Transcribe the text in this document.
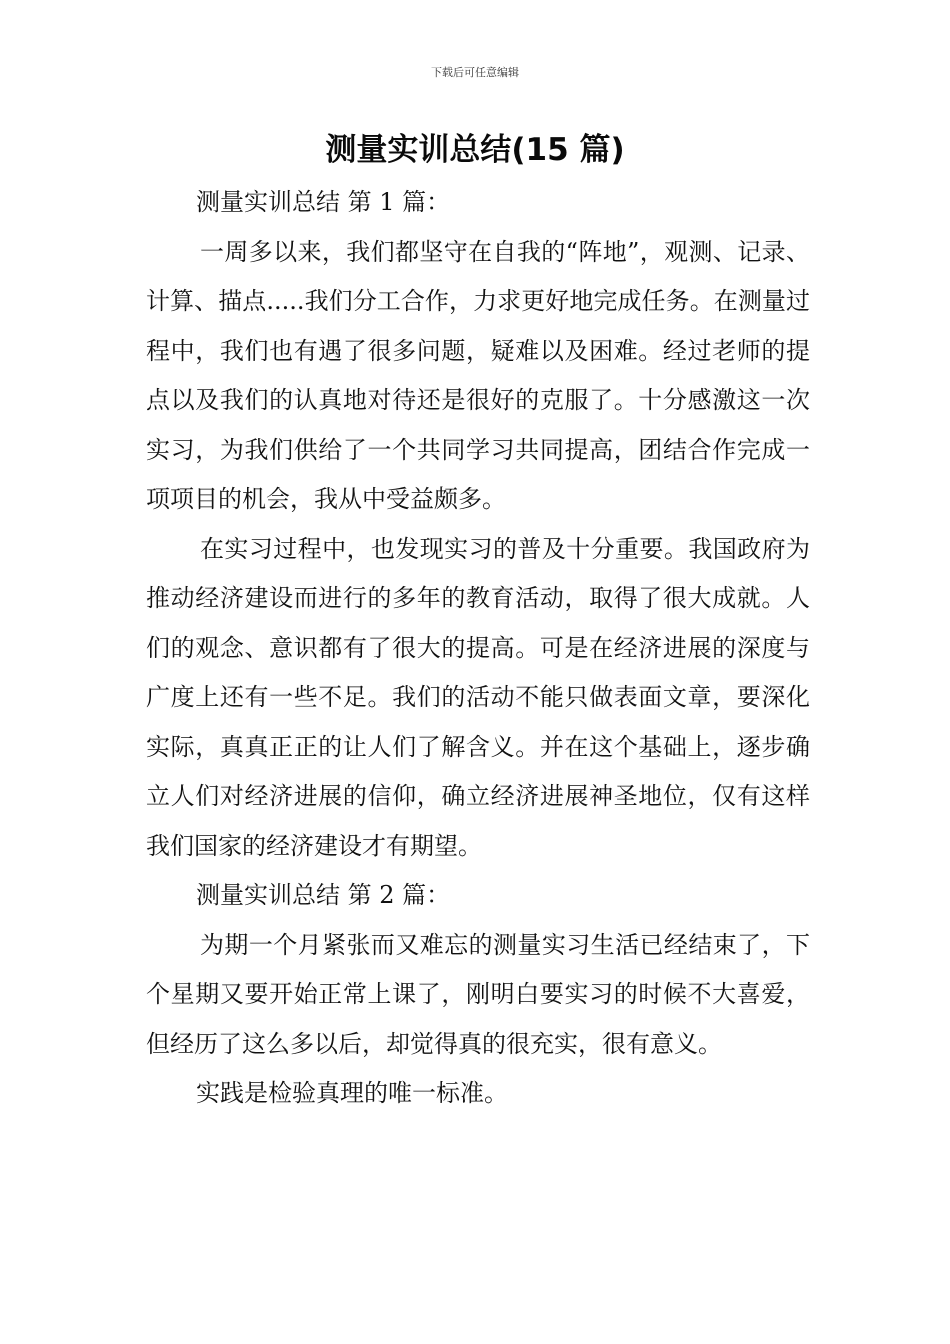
下载后可任意编辑
测量实训总结(15 篇)

测量实训总结 第 1 篇：

一周多以来，我们都坚守在自我的“阵地”，观测、记录、计算、描点.....我们分工合作，力求更好地完成任务。在测量过程中，我们也有遇了很多问题，疑难以及困难。经过老师的提点以及我们的认真地对待还是很好的克服了。十分感激这一次实习，为我们供给了一个共同学习共同提高，团结合作完成一项项目的机会，我从中受益颇多。

在实习过程中，也发现实习的普及十分重要。我国政府为推动经济建设而进行的多年的教育活动，取得了很大成就。人们的观念、意识都有了很大的提高。可是在经济进展的深度与广度上还有一些不足。我们的活动不能只做表面文章，要深化实际，真真正正的让人们了解含义。并在这个基础上，逐步确立人们对经济进展的信仰，确立经济进展神圣地位，仅有这样我们国家的经济建设才有期望。

测量实训总结 第 2 篇：

为期一个月紧张而又难忘的测量实习生活已经结束了，下个星期又要开始正常上课了，刚明白要实习的时候不大喜爱，但经历了这么多以后，却觉得真的很充实，很有意义。

实践是检验真理的唯一标准。
